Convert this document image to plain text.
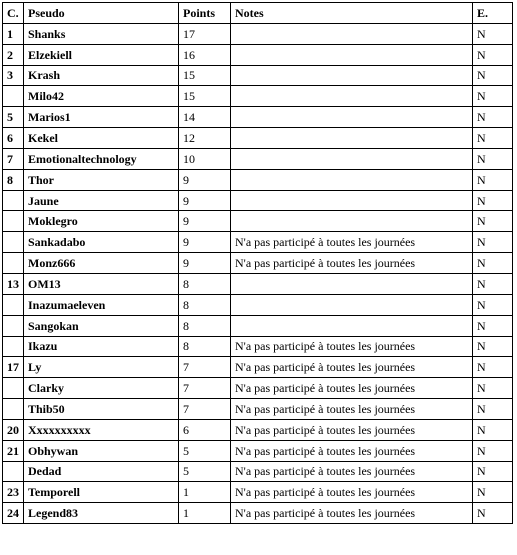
C.	Pseudo	Points	Notes	E.
1	Shanks	17		N
2	Elzekiell	16		N
3	Krash	15		N
	Milo42	15		N
5	Marios1	14		N
6	Kekel	12		N
7	Emotionaltechnology	10		N
8	Thor	9		N
	Jaune	9		N
	Moklegro	9		N
	Sankadabo	9	N'a pas participé à toutes les journées	N
	Monz666	9	N'a pas participé à toutes les journées	N
13	OM13	8		N
	Inazumaeleven	8		N
	Sangokan	8		N
	Ikazu	8	N'a pas participé à toutes les journées	N
17	Ly	7	N'a pas participé à toutes les journées	N
	Clarky	7	N'a pas participé à toutes les journées	N
	Thib50	7	N'a pas participé à toutes les journées	N
20	Xxxxxxxxxx	6	N'a pas participé à toutes les journées	N
21	Obhywan	5	N'a pas participé à toutes les journées	N
	Dedad	5	N'a pas participé à toutes les journées	N
23	Temporell	1	N'a pas participé à toutes les journées	N
24	Legend83	1	N'a pas participé à toutes les journées	N
